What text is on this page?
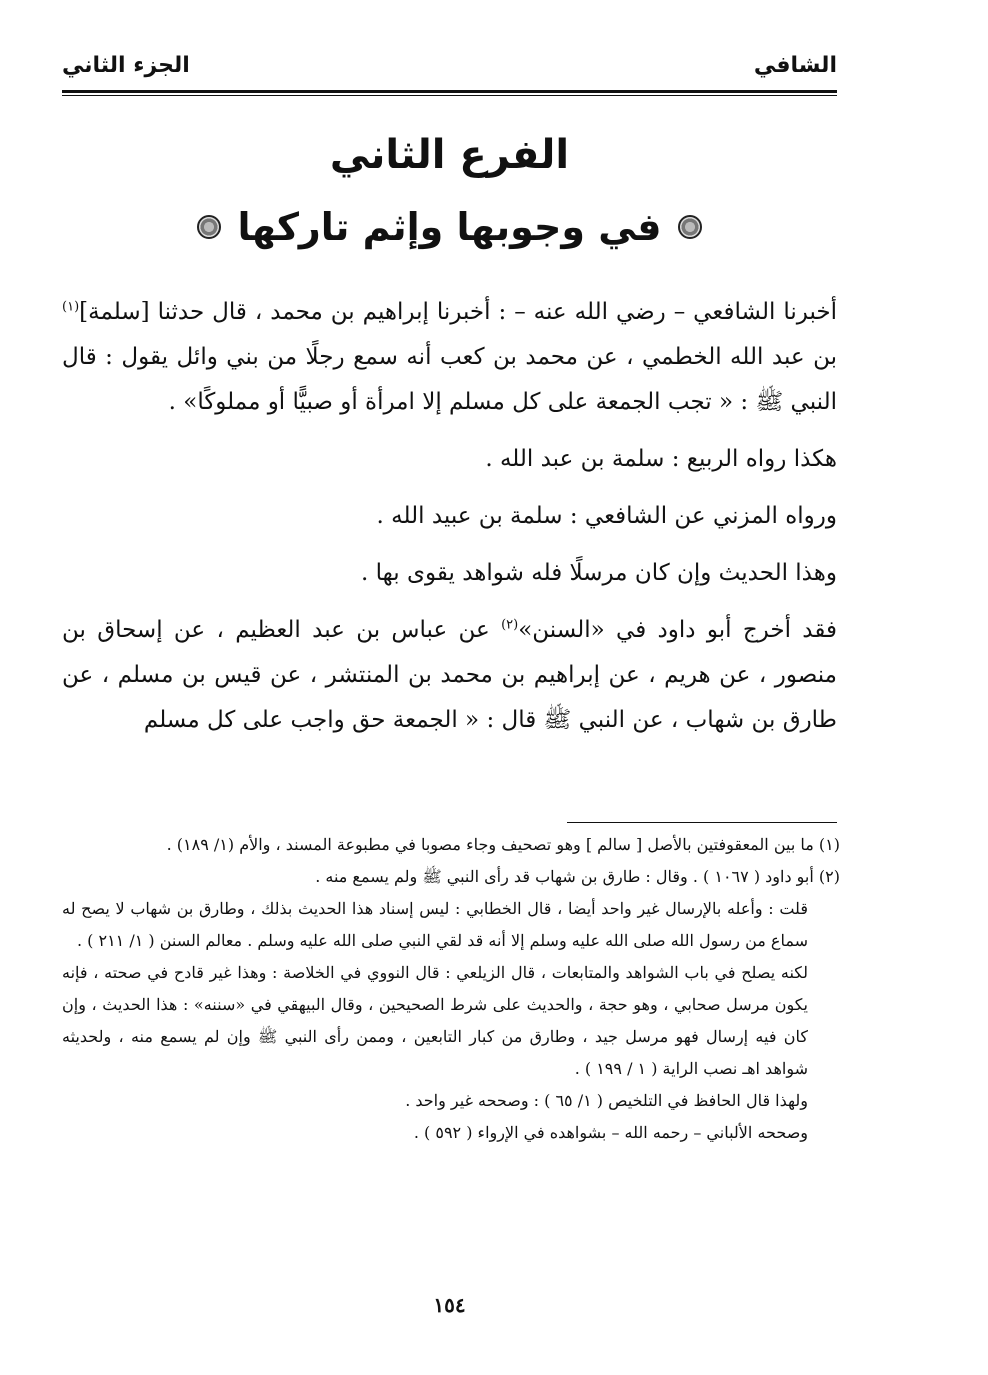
الشافي
الجزء الثاني
الفرع الثاني
في وجوبها وإثم تاركها

أخبرنا الشافعي – رضي الله عنه – : أخبرنا إبراهيم بن محمد ، قال حدثنا [سلمة]$^{(١)}$ بن عبد الله الخطمي ، عن محمد بن كعب أنه سمع رجلًا من بني وائل يقول : قال النبي ﷺ : « تجب الجمعة على كل مسلم إلا امرأة أو صبيًّا أو مملوكًا» .

هكذا رواه الربيع : سلمة بن عبد الله .

ورواه المزني عن الشافعي : سلمة بن عبيد الله .

وهذا الحديث وإن كان مرسلًا فله شواهد يقوى بها .

فقد أخرج أبو داود في «السنن»$^{(٢)}$ عن عباس بن عبد العظيم ، عن إسحاق بن منصور ، عن هريم ، عن إبراهيم بن محمد بن المنتشر ، عن قيس بن مسلم ، عن طارق بن شهاب ، عن النبي ﷺ قال : « الجمعة حق واجب على كل مسلم

(١) ما بين المعقوفتين بالأصل [ سالم ] وهو تصحيف وجاء مصوبا في مطبوعة المسند ، والأم (١/ ١٨٩) .

(٢) أبو داود ( ١٠٦٧ ) . وقال : طارق بن شهاب قد رأى النبي ﷺ ولم يسمع منه .

قلت : وأعله بالإرسال غير واحد أيضا ، قال الخطابي : ليس إسناد هذا الحديث بذلك ، وطارق بن شهاب لا يصح له سماع من رسول الله صلى الله عليه وسلم إلا أنه قد لقي النبي صلى الله عليه وسلم . معالم السنن ( ١/ ٢١١ ) .

لكنه يصلح في باب الشواهد والمتابعات ، قال الزيلعي : قال النووي في الخلاصة : وهذا غير قادح في صحته ، فإنه يكون مرسل صحابي ، وهو حجة ، والحديث على شرط الصحيحين ، وقال البيهقي في «سننه» : هذا الحديث ، وإن كان فيه إرسال فهو مرسل جيد ، وطارق من كبار التابعين ، وممن رأى النبي ﷺ وإن لم يسمع منه ، ولحديثه شواهد اهـ نصب الراية ( ١ / ١٩٩ ) .

ولهذا قال الحافظ في التلخيص ( ١/ ٦٥ ) : وصححه غير واحد .

وصححه الألباني – رحمه الله – بشواهده في الإرواء ( ٥٩٢ ) .

١٥٤
